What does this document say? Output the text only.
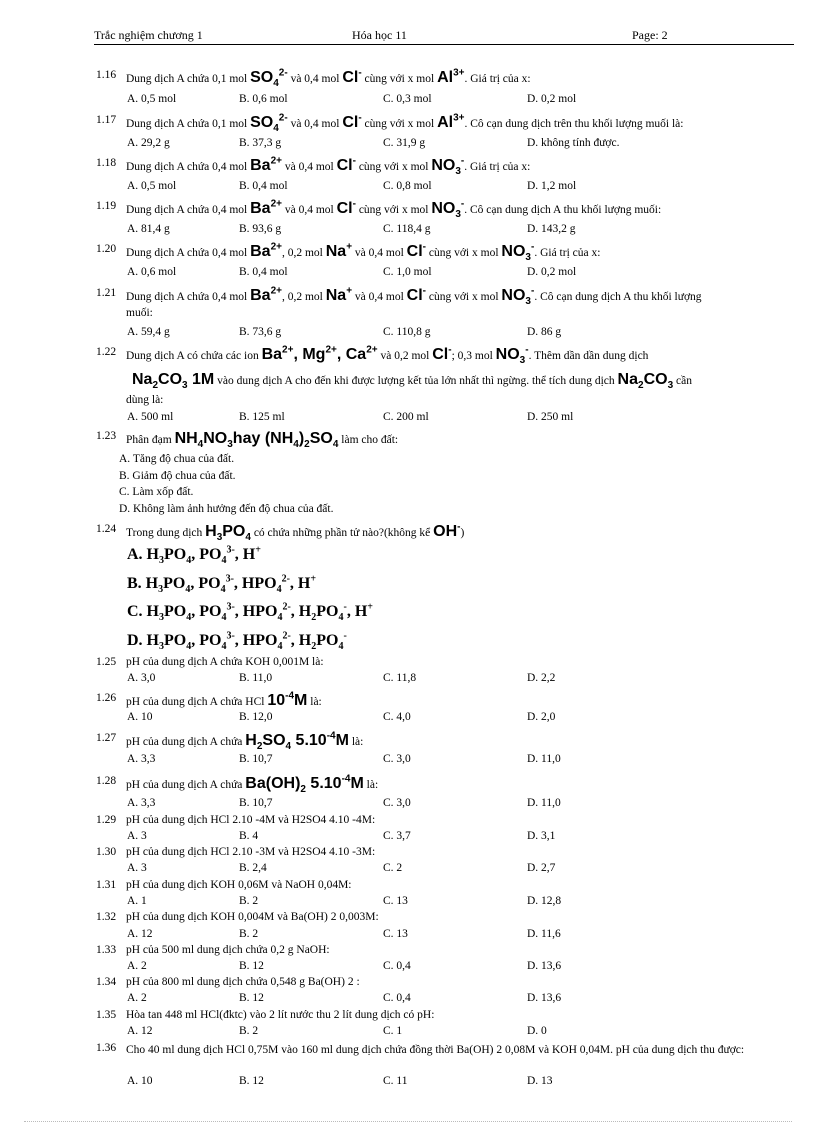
Trắc nghiệm chương 1	Hóa học 11	Page: 2
1.16 Dung dịch A chứa 0,1 mol $SO_4^{2-}$ và 0,4 mol Cl- cùng với x mol $Al^{3+}$. Giá trị của x:
A. 0,5 mol	B. 0,6 mol	C. 0,3 mol	D. 0,2 mol
1.17 Dung dịch A chứa 0,1 mol $SO_4^{2-}$ và 0,4 mol Cl- cùng với x mol $Al^{3+}$. Cô cạn dung dịch trên thu khối lượng muối là:
A. 29,2 g	B. 37,3 g	C. 31,9 g	D. không tính được.
1.18 Dung dịch A chứa 0,4 mol $Ba^{2+}$ và 0,4 mol Cl- cùng với x mol $NO_3^-$. Giá trị của x:
A. 0,5 mol	B. 0,4 mol	C. 0,8 mol	D. 1,2 mol
1.19 Dung dịch A chứa 0,4 mol $Ba^{2+}$ và 0,4 mol Cl- cùng với x mol $NO_3^-$. Cô cạn dung dịch A thu khối lượng muối:
A. 81,4 g	B. 93,6 g	C. 118,4 g	D. 143,2 g
1.20 Dung dịch A chứa 0,4 mol $Ba^{2+}$, 0,2 mol Na+ và 0,4 mol Cl- cùng với x mol $NO_3^-$. Giá trị của x:
A. 0,6 mol	B. 0,4 mol	C. 1,0 mol	D. 0,2 mol
1.21 Dung dịch A chứa 0,4 mol $Ba^{2+}$, 0,2 mol Na+ và 0,4 mol Cl- cùng với x mol $NO_3^-$. Cô cạn dung dịch A thu khối lượng
muối:
A. 59,4 g	B. 73,6 g	C. 110,8 g	D. 86 g
1.22 Dung dịch A có chứa các ion $Ba^{2+}$, $Mg^{2+}$, $Ca^{2+}$ và 0,2 mol Cl-; 0,3 mol $NO_3^-$. Thêm dần dần dung dịch
$Na_2CO_3$ 1M vào dung dịch A cho đến khi được lượng kết tủa lớn nhất thì ngừng. thể tích dung dịch $Na_2CO_3$ cần
dùng là:
A. 500 ml	B. 125 ml	C. 200 ml	D. 250 ml
1.23 Phân đạm $NH_4NO_3hay$ $(NH_4)_2SO_4$ làm cho đất:
A. Tăng độ chua của đất.
B. Giảm độ chua của đất.
C. Làm xốp đất.
D. Không làm ảnh hưởng đến độ chua của đất.
1.24 Trong dung dịch $H_3PO_4$ có chứa những phần tử nào?(không kể OH-)
A. $H_3PO_4$, $PO_4^{3-}$, H+
B. $H_3PO_4$, $PO_4^{3-}$, $HPO_4^{2-}$, H+
C. $H_3PO_4$, $PO_4^{3-}$, $HPO_4^{2-}$, $H_2PO_4^-$, H+
D. $H_3PO_4$, $PO_4^{3-}$, $HPO_4^{2-}$, $H_2PO_4^-$
1.25 pH của dung dịch A chứa KOH 0,001M là:
A. 3,0	B. 11,0	C. 11,8	D. 2,2
1.26 pH của dung dịch A chứa HCl $10^{-4}M$ là:
A. 10	B. 12,0	C. 4,0	D. 2,0
1.27 pH của dung dịch A chứa $H_2SO_4$ $5.10^{-4}M$ là:
A. 3,3	B. 10,7	C. 3,0	D. 11,0
1.28 pH của dung dịch A chứa $Ba(OH)_2$ $5.10^{-4}M$ là:
A. 3,3	B. 10,7	C. 3,0	D. 11,0
1.29 pH của dung dịch HCl 2.10 -4M và H2SO4 4.10 -4M:
A. 3	B. 4	C. 3,7	D. 3,1
1.30 pH của dung dịch HCl 2.10 -3M và H2SO4 4.10 -3M:
A. 3	B. 2,4	C. 2	D. 2,7
1.31 pH của dung dịch KOH 0,06M và NaOH 0,04M:
A. 1	B. 2	C. 13	D. 12,8
1.32 pH của dung dịch KOH 0,004M và Ba(OH) 2 0,003M:
A. 12	B. 2	C. 13	D. 11,6
1.33 pH của 500 ml dung dịch chứa 0,2 g NaOH:
A. 2	B. 12	C. 0,4	D. 13,6
1.34 pH của 800 ml dung dịch chứa 0,548 g Ba(OH) 2 :
A. 2	B. 12	C. 0,4	D. 13,6
1.35 Hòa tan 448 ml HCl(đktc) vào 2 lít nước thu 2 lít dung dịch có pH:
A. 12	B. 2	C. 1	D. 0
1.36 Cho 40 ml dung dịch HCl 0,75M vào 160 ml dung dịch chứa đồng thời Ba(OH) 2 0,08M và KOH 0,04M. pH của dung dịch thu được:
A. 10	B. 12	C. 11	D. 13
